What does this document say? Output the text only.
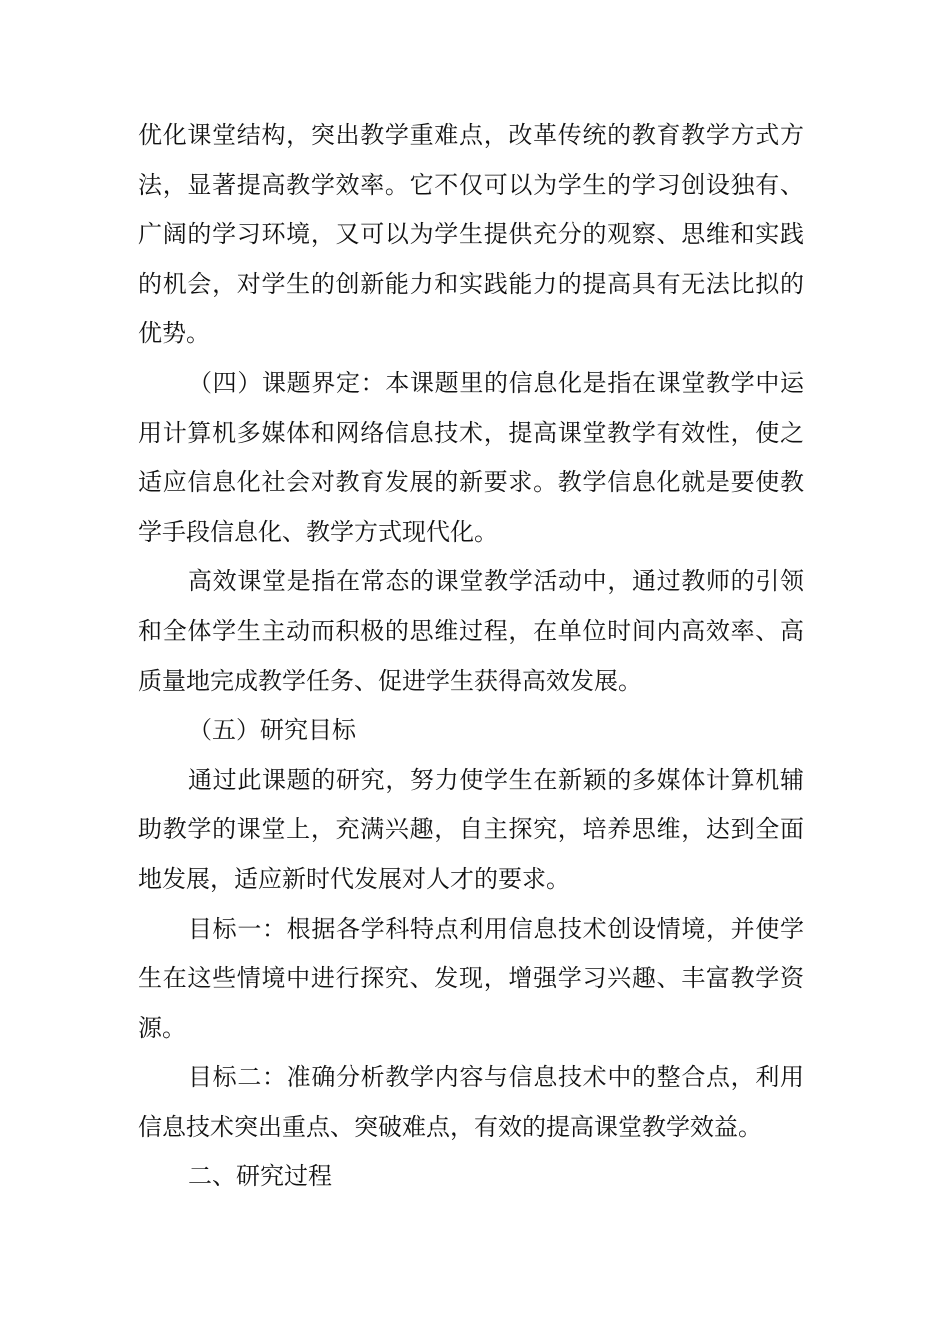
优化课堂结构，突出教学重难点，改革传统的教育教学方式方法，显著提高教学效率。它不仅可以为学生的学习创设独有、广阔的学习环境，又可以为学生提供充分的观察、思维和实践的机会，对学生的创新能力和实践能力的提高具有无法比拟的优势。

（四）课题界定：本课题里的信息化是指在课堂教学中运用计算机多媒体和网络信息技术，提高课堂教学有效性，使之适应信息化社会对教育发展的新要求。教学信息化就是要使教学手段信息化、教学方式现代化。

高效课堂是指在常态的课堂教学活动中，通过教师的引领和全体学生主动而积极的思维过程，在单位时间内高效率、高质量地完成教学任务、促进学生获得高效发展。

（五）研究目标

通过此课题的研究，努力使学生在新颖的多媒体计算机辅助教学的课堂上，充满兴趣，自主探究，培养思维，达到全面地发展，适应新时代发展对人才的要求。

目标一：根据各学科特点利用信息技术创设情境，并使学生在这些情境中进行探究、发现，增强学习兴趣、丰富教学资源。

目标二：准确分析教学内容与信息技术中的整合点，利用信息技术突出重点、突破难点，有效的提高课堂教学效益。

二、研究过程
